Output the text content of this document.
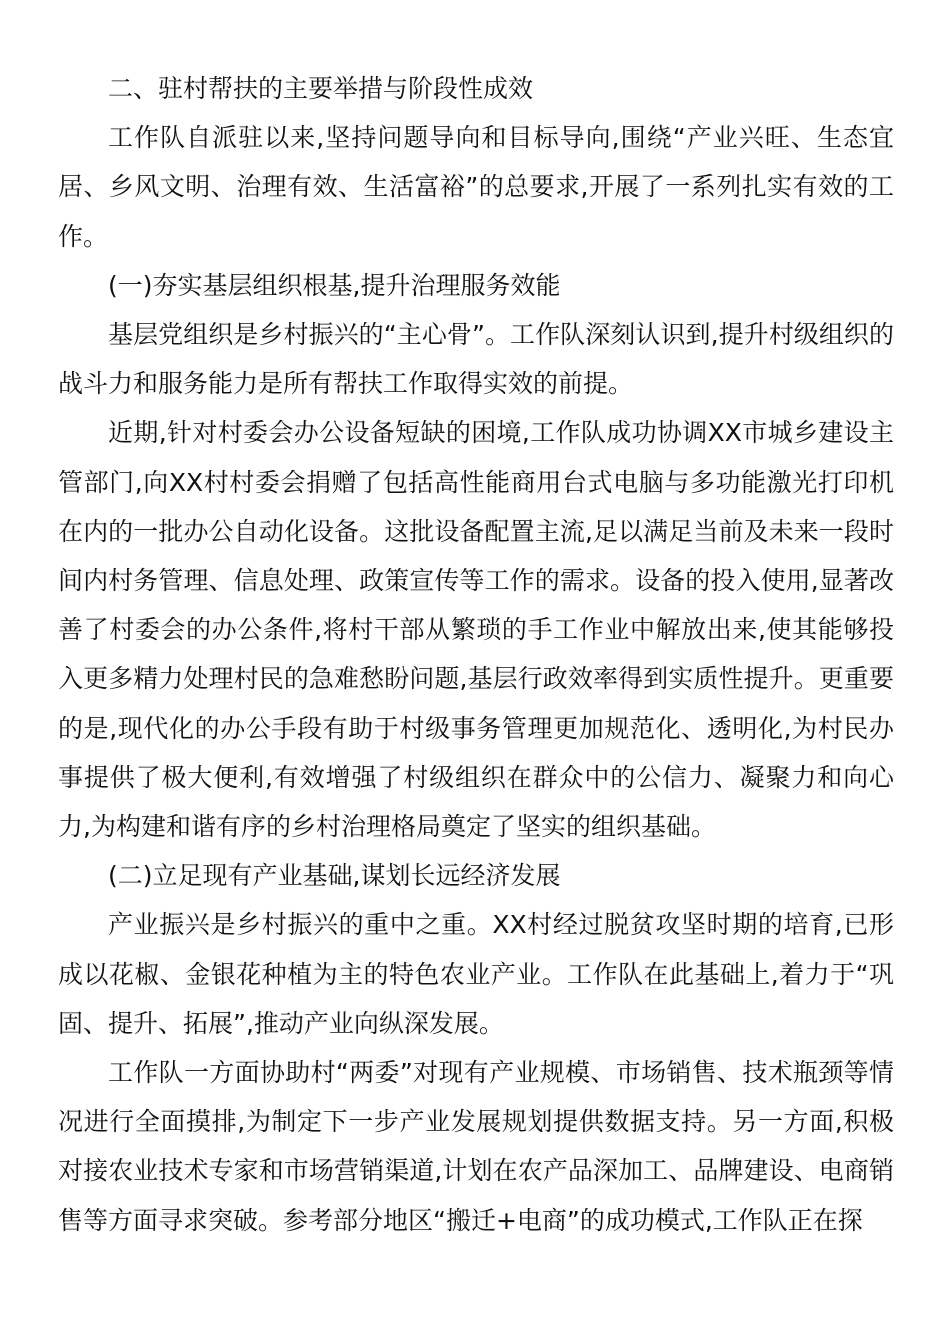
二、驻村帮扶的主要举措与阶段性成效

工作队自派驻以来,坚持问题导向和目标导向,围绕“产业兴旺、生态宜居、乡风文明、治理有效、生活富裕”的总要求,开展了一系列扎实有效的工作。

(一)夯实基层组织根基,提升治理服务效能

基层党组织是乡村振兴的“主心骨”。工作队深刻认识到,提升村级组织的战斗力和服务能力是所有帮扶工作取得实效的前提。

近期,针对村委会办公设备短缺的困境,工作队成功协调XX市城乡建设主管部门,向XX村村委会捐赠了包括高性能商用台式电脑与多功能激光打印机在内的一批办公自动化设备。这批设备配置主流,足以满足当前及未来一段时间内村务管理、信息处理、政策宣传等工作的需求。设备的投入使用,显著改善了村委会的办公条件,将村干部从繁琐的手工作业中解放出来,使其能够投入更多精力处理村民的急难愁盼问题,基层行政效率得到实质性提升。更重要的是,现代化的办公手段有助于村级事务管理更加规范化、透明化,为村民办事提供了极大便利,有效增强了村级组织在群众中的公信力、凝聚力和向心力,为构建和谐有序的乡村治理格局奠定了坚实的组织基础。

(二)立足现有产业基础,谋划长远经济发展

产业振兴是乡村振兴的重中之重。XX村经过脱贫攻坚时期的培育,已形成以花椒、金银花种植为主的特色农业产业。工作队在此基础上,着力于“巩固、提升、拓展”,推动产业向纵深发展。

工作队一方面协助村“两委”对现有产业规模、市场销售、技术瓶颈等情况进行全面摸排,为制定下一步产业发展规划提供数据支持。另一方面,积极对接农业技术专家和市场营销渠道,计划在农产品深加工、品牌建设、电商销售等方面寻求突破。参考部分地区“搬迁+电商”的成功模式,工作队正在探
